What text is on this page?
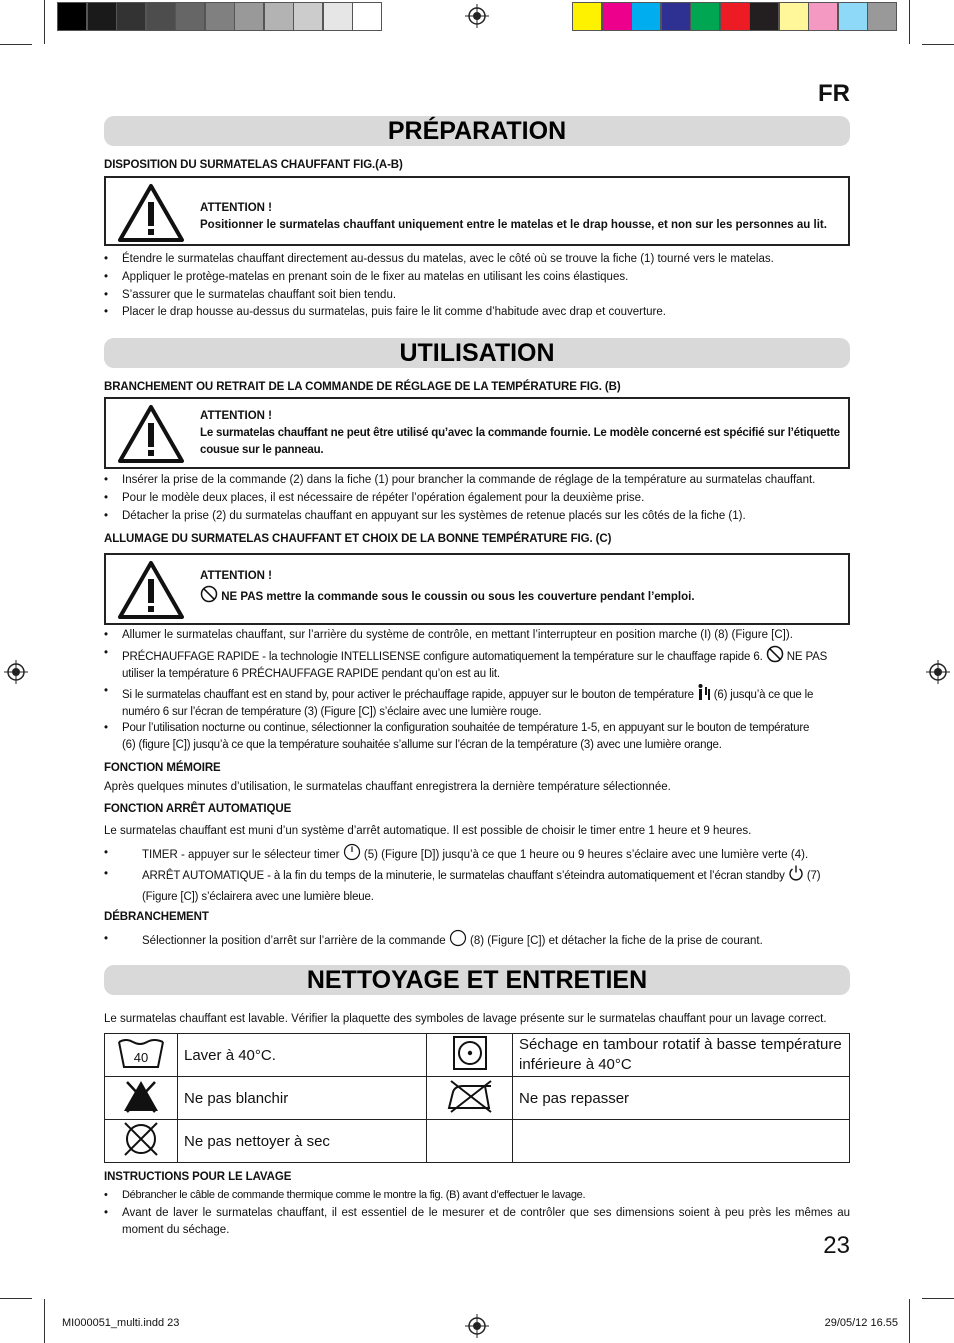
FR
PRÉPARATION
DISPOSITION DU SURMATELAS CHAUFFANT FIG.(A-B)
ATTENTION !
Positionner le surmatelas chauffant uniquement entre le matelas et le drap housse, et non sur les personnes au lit.
• Étendre le surmatelas chauffant directement au-dessus du matelas, avec le côté où se trouve la fiche (1) tourné vers le matelas.
• Appliquer le protège-matelas en prenant soin de le fixer au matelas en utilisant les coins élastiques.
• S’assurer que le surmatelas chauffant soit bien tendu.
• Placer le drap housse au-dessus du surmatelas, puis faire le lit comme d’habitude avec drap et couverture.
UTILISATION
BRANCHEMENT OU RETRAIT DE LA COMMANDE DE RÉGLAGE DE LA TEMPÉRATURE FIG. (B)
ATTENTION !
Le surmatelas chauffant ne peut être utilisé qu’avec la commande fournie. Le modèle concerné est spécifié sur l’étiquette cousue sur le panneau.
• Insérer la prise de la commande (2) dans la fiche (1) pour brancher la commande de réglage de la température au surmatelas chauffant.
• Pour le modèle deux places, il est nécessaire de répéter l’opération également pour la deuxième prise.
• Détacher la prise (2) du surmatelas chauffant en appuyant sur les systèmes de retenue placés sur les côtés de la fiche (1).
ALLUMAGE DU SURMATELAS CHAUFFANT ET CHOIX DE LA BONNE TEMPÉRATURE FIG. (C)
ATTENTION !
NE PAS mettre la commande sous le coussin ou sous les couverture pendant l’emploi.
• Allumer le surmatelas chauffant, sur l’arrière du système de contrôle, en mettant l’interrupteur en position marche (I) (8) (Figure [C]).
• PRÉCHAUFFAGE RAPIDE - la technologie INTELLISENSE configure automatiquement la température sur le chauffage rapide 6. NE PAS
utiliser la température 6 PRÉCHAUFFAGE RAPIDE pendant qu’on est au lit.
• Si le surmatelas chauffant est en stand by, pour activer le préchauffage rapide, appuyer sur le bouton de température (6) jusqu’à ce que le
numéro 6 sur l’écran de température (3) (Figure [C]) s’éclaire avec une lumière rouge.
• Pour l’utilisation nocturne ou continue, sélectionner la configuration souhaitée de température 1-5, en appuyant sur le bouton de température
(6) (figure [C]) jusqu’à ce que la température souhaitée s’allume sur l’écran de la température (3) avec une lumière orange.
FONCTION MÉMOIRE
Après quelques minutes d’utilisation, le surmatelas chauffant enregistrera la dernière température sélectionnée.
FONCTION ARRÊT AUTOMATIQUE
Le surmatelas chauffant est muni d’un système d’arrêt automatique. Il est possible de choisir le timer entre 1 heure et 9 heures.
•	TIMER - appuyer sur le sélecteur timer (5) (Figure [D]) jusqu’à ce que 1 heure ou 9 heures s’éclaire avec une lumière verte (4).
•	ARRÊT AUTOMATIQUE - à la fin du temps de la minuterie, le surmatelas chauffant s’éteindra automatiquement et l’écran standby (7)
(Figure [C]) s’éclairera avec une lumière bleue.
DÉBRANCHEMENT
•	Sélectionner la position d’arrêt sur l’arrière de la commande (8) (Figure [C]) et détacher la fiche de la prise de courant.
NETTOYAGE ET ENTRETIEN
Le surmatelas chauffant est lavable. Vérifier la plaquette des symboles de lavage présente sur le surmatelas chauffant pour un lavage correct.
40	Laver à 40°C.		Séchage en tambour rotatif à basse température inférieure à 40°C
	Ne pas blanchir		Ne pas repasser
	Ne pas nettoyer à sec		
INSTRUCTIONS POUR LE LAVAGE
• Débrancher le câble de commande thermique comme le montre la fig. (B) avant d’effectuer le lavage.
• Avant de laver le surmatelas chauffant, il est essentiel de le mesurer et de contrôler que ses dimensions soient à peu près les mêmes au moment du séchage.
23
MI000051_multi.indd 23	29/05/12 16.55
